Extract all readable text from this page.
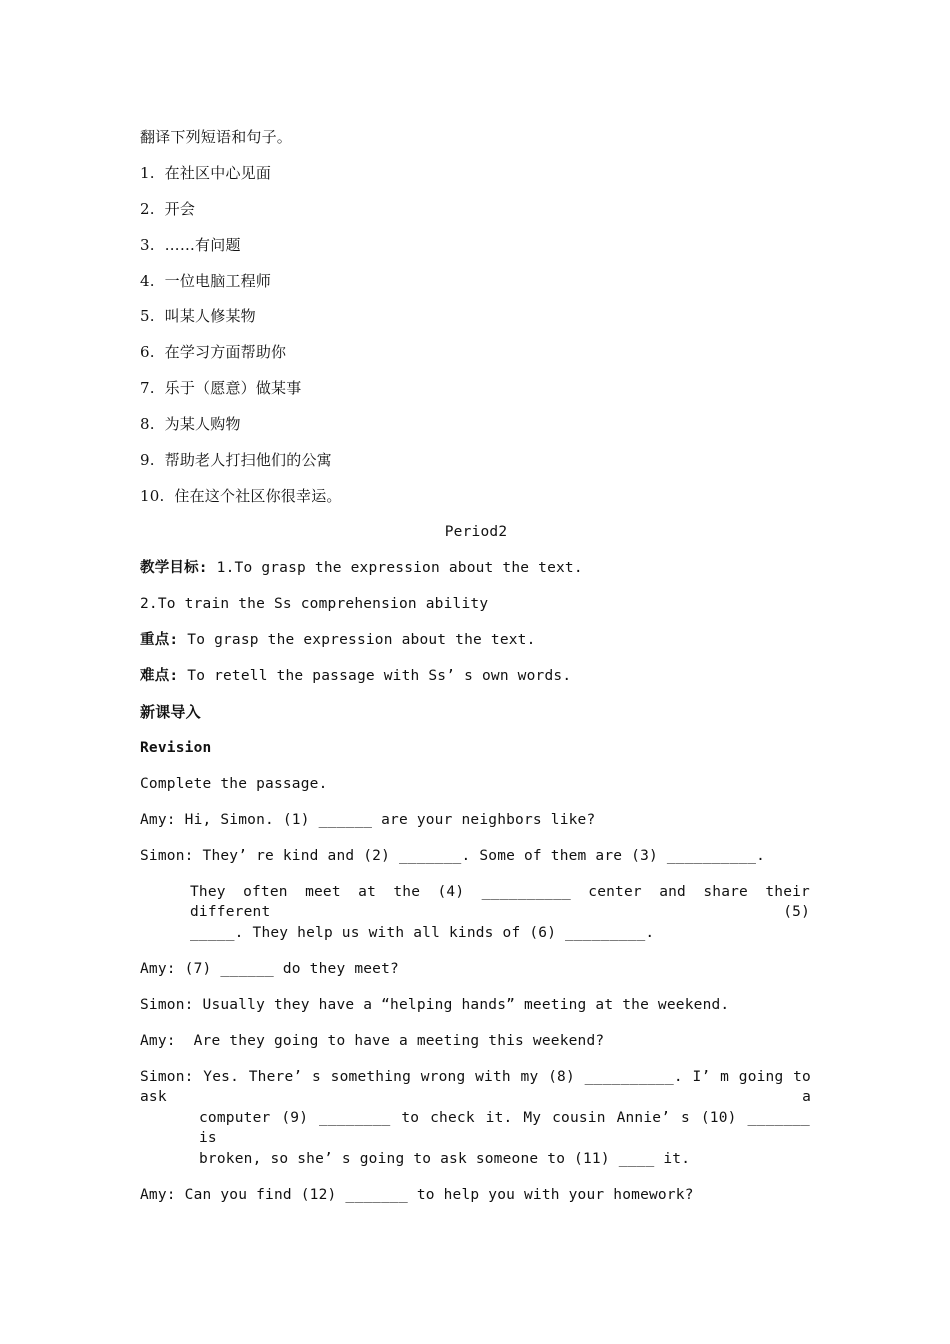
翻译下列短语和句子。
1.  在社区中心见面
2.  开会
3.  ……有问题
4.  一位电脑工程师
5.  叫某人修某物
6.  在学习方面帮助你
7.  乐于（愿意）做某事
8.  为某人购物
9.  帮助老人打扫他们的公寓
10.  住在这个社区你很幸运。
Period2
教学目标: 1.To grasp the expression about the text.
2.To train the Ss comprehension ability
重点: To grasp the expression about the text.
难点: To retell the passage with Ss’ s own words.
新课导入
Revision
Complete the passage.
Amy: Hi, Simon. (1) ______ are your neighbors like?
Simon: They’ re kind and (2) _______. Some of them are (3) __________.
They often meet at the (4) __________ center and share their different (5)
_____. They help us with all kinds of (6) _________.
Amy: (7) ______ do they meet?
Simon: Usually they have a “helping hands” meeting at the weekend.
Amy:  Are they going to have a meeting this weekend?
Simon: Yes. There’ s something wrong with my (8) __________. I’ m going to ask a
computer (9) ________ to check it. My cousin Annie’ s (10) _______ is
broken, so she’ s going to ask someone to (11) ____ it.
Amy: Can you find (12) _______ to help you with your homework?
